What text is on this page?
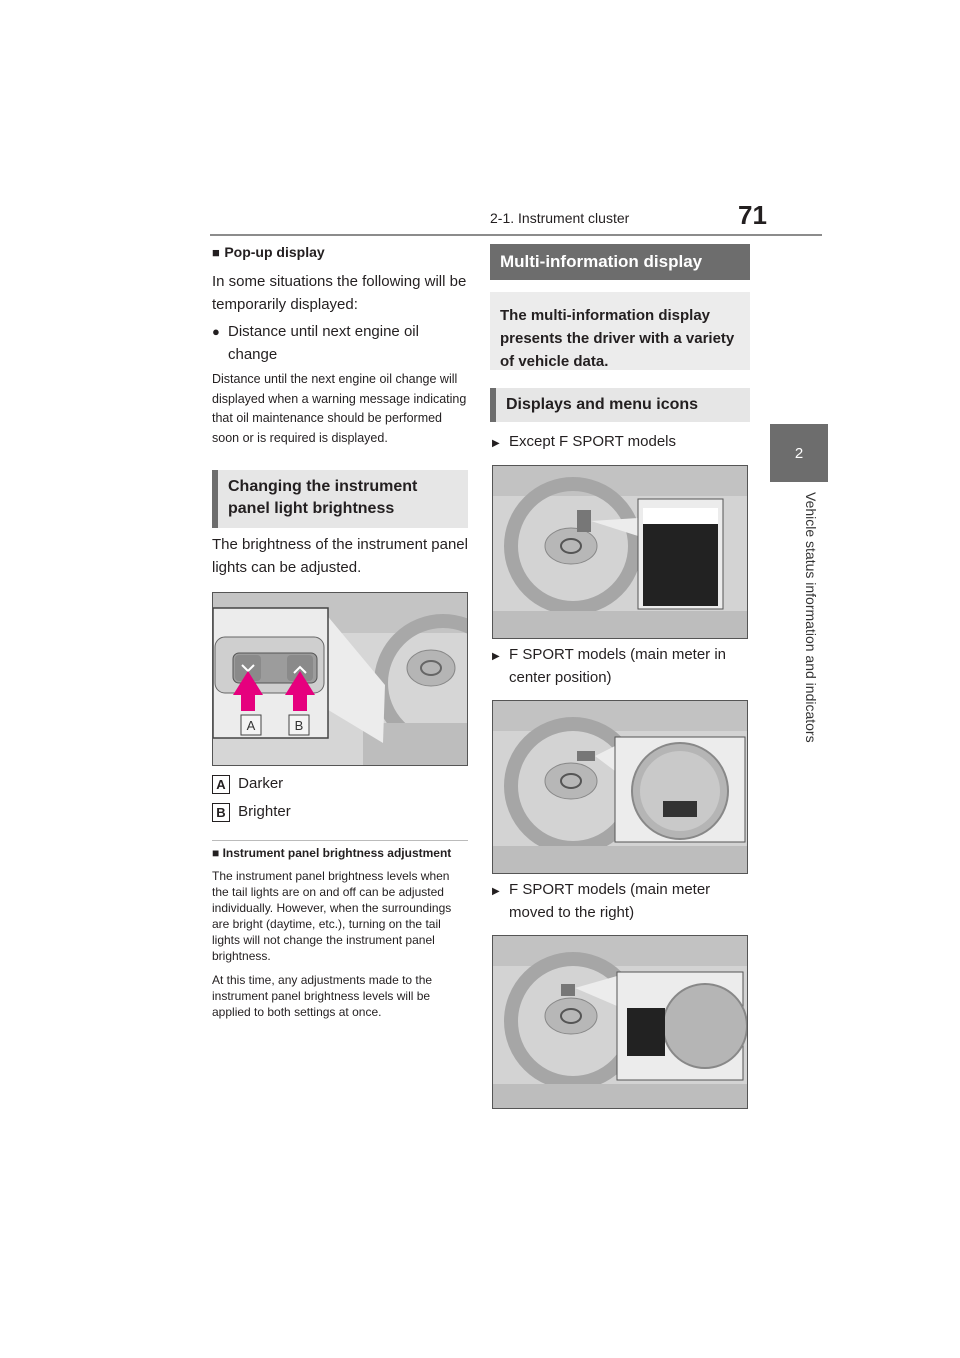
2-1. Instrument cluster	71
2
Vehicle status information and indicators
■ Pop-up display
In some situations the following will be temporarily displayed:
● Distance until next engine oil change
Distance until the next engine oil change will displayed when a warning message indicating that oil maintenance should be performed soon or is required is displayed.
Changing the instrument panel light brightness
The brightness of the instrument panel lights can be adjusted.
A	B
A Darker
B Brighter
■ Instrument panel brightness adjustment
The instrument panel brightness levels when the tail lights are on and off can be adjusted individually. However, when the surroundings are bright (daytime, etc.), turning on the tail lights will not change the instrument panel brightness.
At this time, any adjustments made to the instrument panel brightness levels will be applied to both settings at once.
Multi-information display
The multi-information display presents the driver with a variety of vehicle data.
Displays and menu icons
▶ Except F SPORT models
▶ F SPORT models (main meter in center position)
▶ F SPORT models (main meter moved to the right)
